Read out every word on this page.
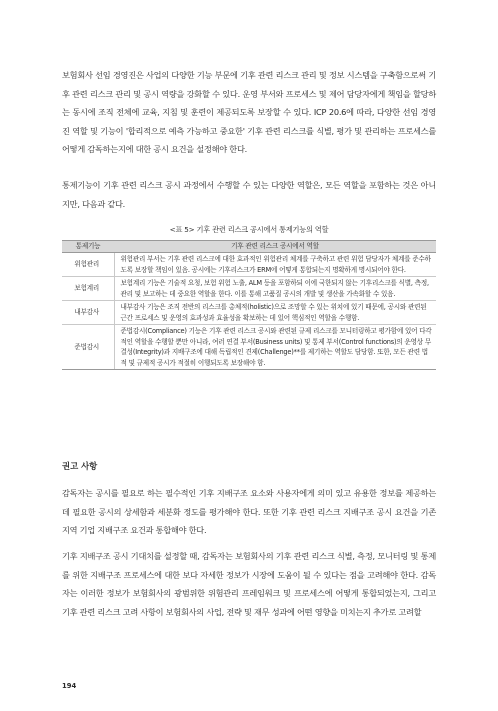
보험회사 선임 경영진은 사업의 다양한 기능 부문에 기후 관련 리스크 관리 및 정보 시스템을 구축함으로써 기후 관련 리스크 관리 및 공시 역량을 강화할 수 있다. 운영 부서와 프로세스 및 제어 담당자에게 책임을 할당하는 동시에 조직 전체에 교육, 지침 및 훈련이 제공되도록 보장할 수 있다. ICP 20.6에 따라, 다양한 선임 경영진 역할 및 기능이 '합리적으로 예측 가능하고 중요한' 기후 관련 리스크를 식별, 평가 및 관리하는 프로세스를 어떻게 감독하는지에 대한 공시 요건을 설정해야 한다.

통제기능이 기후 관련 리스크 공시 과정에서 수행할 수 있는 다양한 역할은, 모든 역할을 포함하는 것은 아니지만, 다음과 같다.

<표 5> 기후 관련 리스크 공시에서 통제기능의 역할

통제기능	기후 관련 리스크 공시에서 역할
위험관리	위험관리 부서는 기후 관련 리스크에 대한 효과적인 위험관리 체계를 구축하고 관련 위험 담당자가 체계를 준수하도록 보장할 책임이 있음. 공시에는 기후리스크가 ERM에 어떻게 통합되는지 명확하게 명시되어야 한다.
보험계리	보험계리 기능은 기술적 요청, 보험 위험 노출, ALM 등을 포함하되 이에 국한되지 않는 기후리스크를 식별, 측정, 관리 및 보고하는 데 중요한 역할을 한다. 이를 통해 고품질 공시의 개발 및 생산을 가속화할 수 있음.
내부감사	내부감사 기능은 조직 전반의 리스크를 총체적(holistic)으로 조망할 수 있는 위치에 있기 때문에, 공시와 관련된 근간 프로세스 및 운영의 효과성과 효율성을 확보하는 데 있어 핵심적인 역할을 수행함.
준법감시	준법감시(Compliance) 기능은 기후 관련 리스크 공시와 관련된 규제 리스크를 모니터링하고 평가함에 있어 다각적인 역할을 수행할 뿐만 아니라, 여러 연결 부서(Business units) 및 통제 부서(Control functions)의 운영상 무결성(Integrity)과 지배구조에 대해 독립적인 견제(Challenge)**를 제기하는 역할도 담당함. 또한, 모든 관련 법적 및 규제적 공시가 적절히 이행되도록 보장해야 함.
권고 사항

감독자는 공시를 필요로 하는 필수적인 기후 지배구조 요소와 사용자에게 의미 있고 유용한 정보를 제공하는 데 필요한 공시의 상세함과 세분화 정도를 평가해야 한다. 또한 기후 관련 리스크 지배구조 공시 요건을 기존 지역 기업 지배구조 요건과 통합해야 한다.

기후 지배구조 공시 기대치를 설정할 때, 감독자는 보험회사의 기후 관련 리스크 식별, 측정, 모니터링 및 통제를 위한 지배구조 프로세스에 대한 보다 자세한 정보가 시장에 도움이 될 수 있다는 점을 고려해야 한다. 감독자는 이러한 정보가 보험회사의 광범위한 위험관리 프레임워크 및 프로세스에 어떻게 통합되었는지, 그리고 기후 관련 리스크 고려 사항이 보험회사의 사업, 전략 및 재무 성과에 어떤 영향을 미치는지 추가로 고려할

194
